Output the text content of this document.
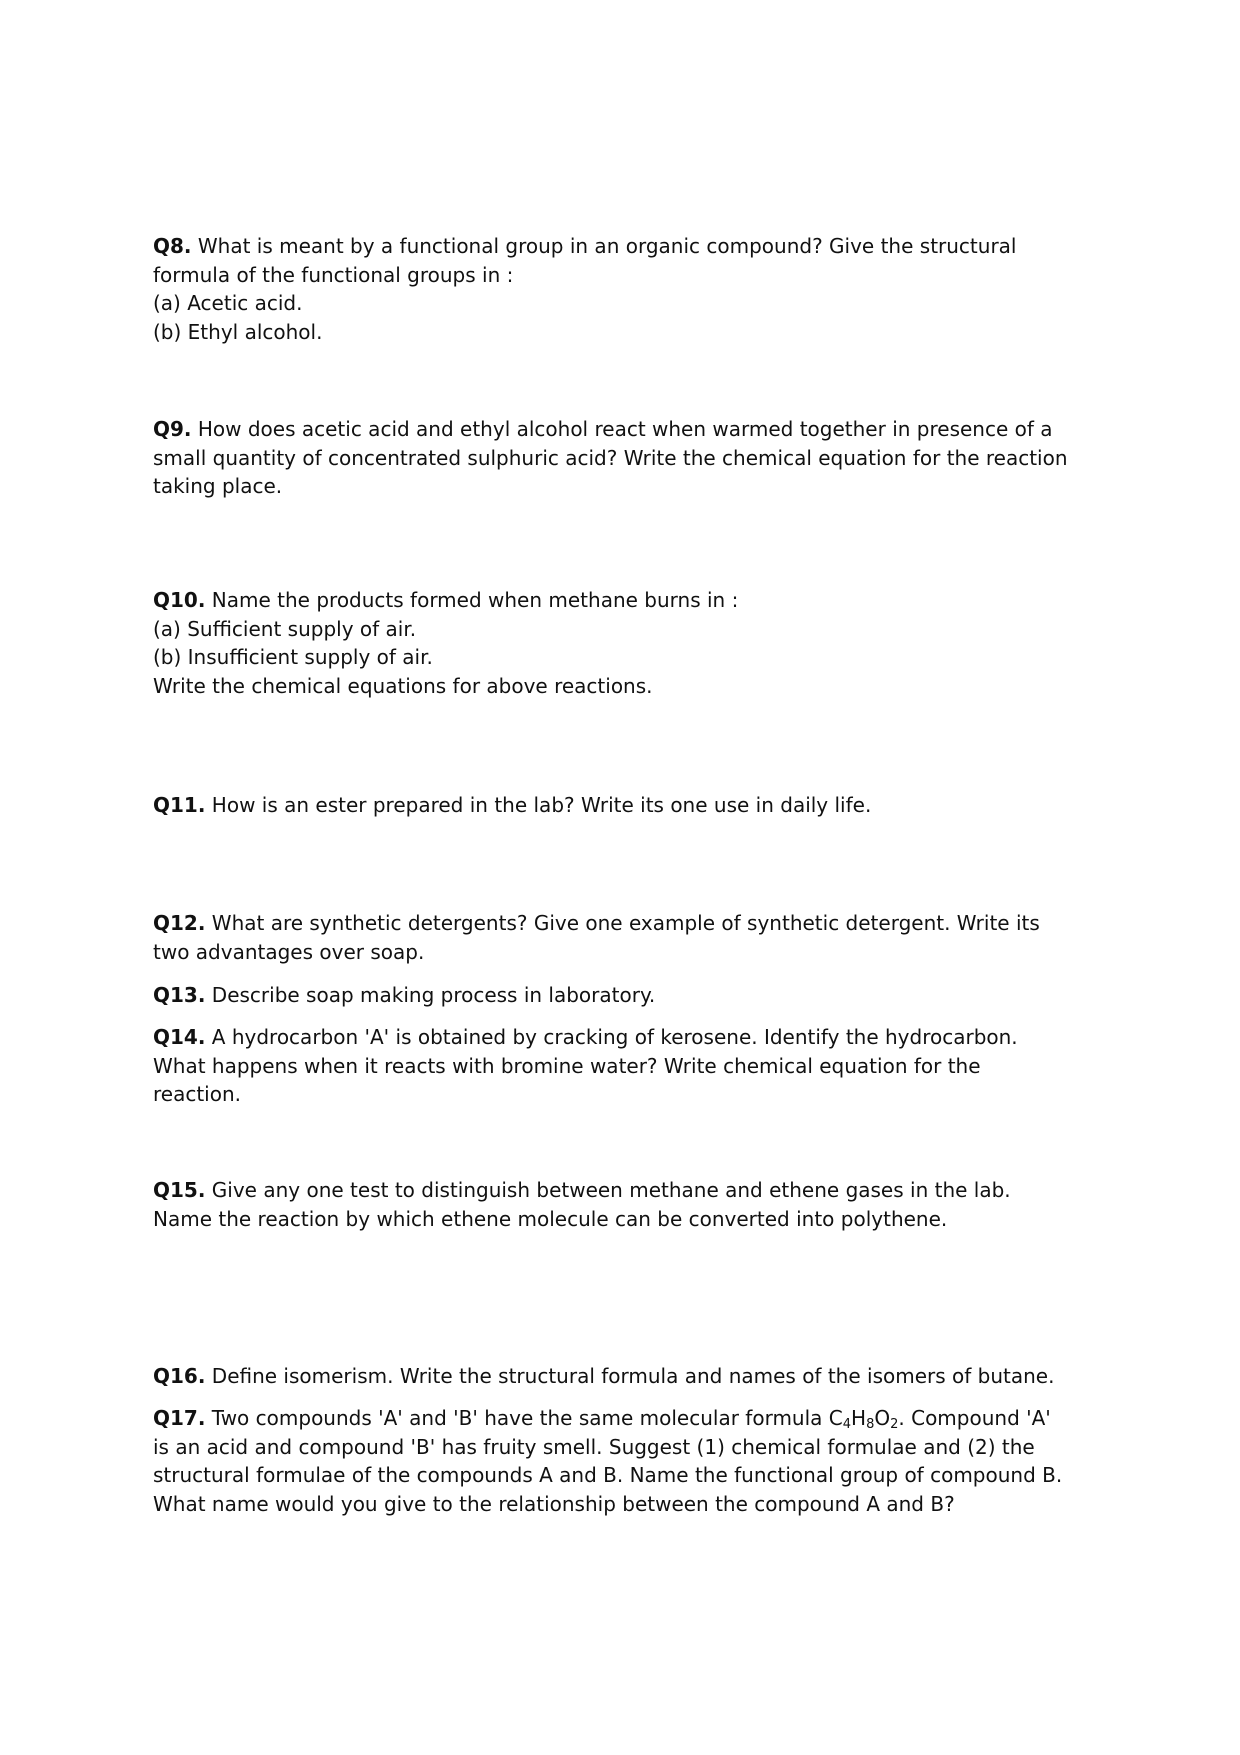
Q8. What is meant by a functional group in an organic compound? Give the structural
formula of the functional groups in :
(a) Acetic acid.
(b) Ethyl alcohol.
Q9. How does acetic acid and ethyl alcohol react when warmed together in presence of a
small quantity of concentrated sulphuric acid? Write the chemical equation for the reaction
taking place.
Q10. Name the products formed when methane burns in :
(a) Sufficient supply of air.
(b) Insufficient supply of air.
Write the chemical equations for above reactions.
Q11. How is an ester prepared in the lab? Write its one use in daily life.
Q12. What are synthetic detergents? Give one example of synthetic detergent. Write its
two advantages over soap.
Q13. Describe soap making process in laboratory.
Q14. A hydrocarbon 'A' is obtained by cracking of kerosene. Identify the hydrocarbon.
What happens when it reacts with bromine water? Write chemical equation for the
reaction.
Q15. Give any one test to distinguish between methane and ethene gases in the lab.
Name the reaction by which ethene molecule can be converted into polythene.
Q16. Define isomerism. Write the structural formula and names of the isomers of butane.
Q17. Two compounds 'A' and 'B' have the same molecular formula $C_4H_8O_2$. Compound 'A'
is an acid and compound 'B' has fruity smell. Suggest (1) chemical formulae and (2) the
structural formulae of the compounds A and B. Name the functional group of compound B.
What name would you give to the relationship between the compound A and B?
